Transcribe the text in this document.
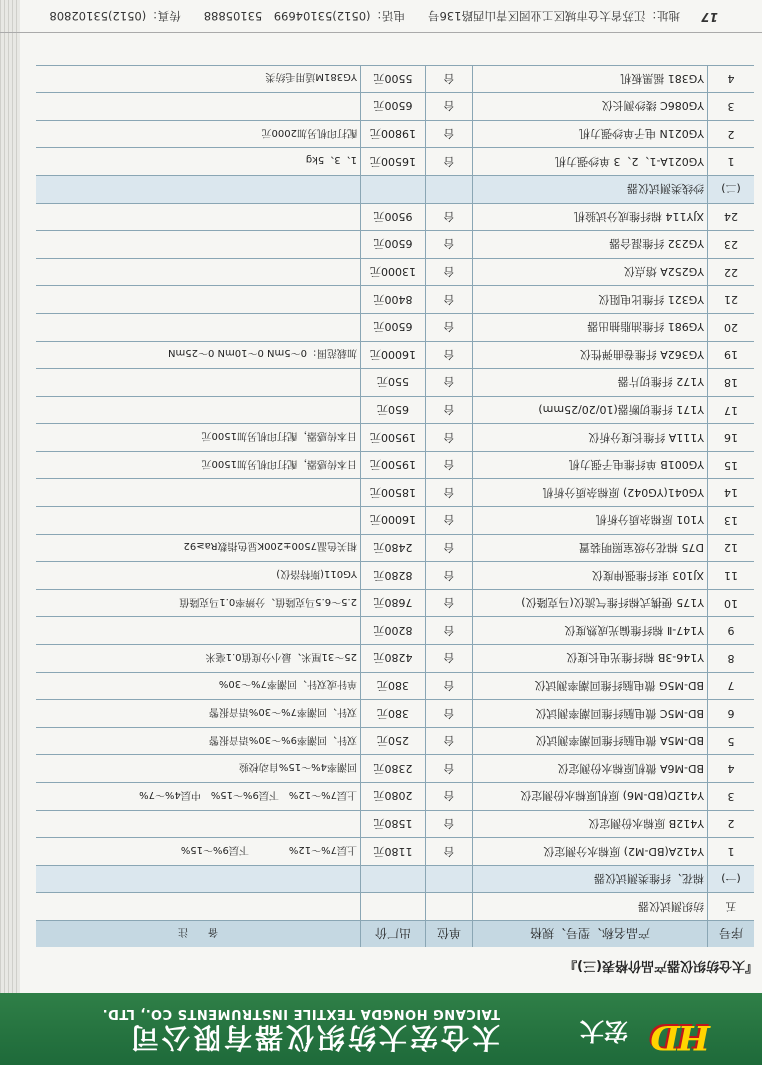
HD
宏大
太仓宏大纺织仪器有限公司
TAICANG HONGDA TEXTILE INSTRUMENTS CO., LTD.
『太仓纺织仪器产品价格表(三)』
序号	产品名称、型号、规格	单位	出厂价	备　　注
五	纺织测试仪器			
(一)	棉花、纤维类测试仪器			
1	Y412A(BD-M2) 原棉水分测定仪	台	1180元	上层7%～12%　　　　下层9%～15%
2	Y412B 原棉水份测定仪	台	1580元	
3	Y412D(BD-M6) 原机原棉水份测定仪	台	2080元	上层7%～12%　下层9%～15%　中层4%～7%
4	BD-M6A 微机原棉水份测定仪	台	2380元	回潮率4%～15%自动校验
5	BD-M5A 微电脑纤维回潮率测试仪	台	250元	双针、回潮率9%～30%语音报警
6	BD-M5C 微电脑纤维回潮率测试仪	台	380元	双针、回潮率7%～30%语音报警
7	BD-M5G 微电脑纤维回潮率测试仪	台	380元	单针或双针、回潮率7%～30%
8	Y146-3B 棉纤维光电长度仪	台	4280元	25～31厘米、最小分度值0.1毫米
9	Y147-Ⅱ 棉纤维偏光成熟度仪	台	8200元	
10	Y175 便携式棉纤维气流仪(马克隆仪)	台	7680元	2.5～6.5马克隆值、分辨率0.1马克隆值
11	XJ103 束纤维强伸度仪	台	8280元	YG011(斯特洛仪)
12	D75 棉花分级室照明装置	台	2480元	相关色温7500±200K显色指数Ra≥92
13	Y101 原棉杂质分析机	台	16000元	
14	YG041(YG042) 原棉杂质分析机	台	18500元	
15	YG001B 单纤维电子强力机	台	19500元	日本传感器，配打印机另加1500元
16	Y111A 纤维长度分析仪	台	19500元	日本传感器，配打印机另加1500元
17	Y171 纤维切断器(10/20/25mm)	台	650元	
18	Y172 纤维切片器	台	550元	
19	YG362A 纤维卷曲弹性仪	台	16000元	加载范围：0～5mN 0～10mN 0～25mN
20	YG981 纤维油脂抽出器	台	6500元	
21	YG321 纤维比电阻仪	台	8400元	
22	YG252A 熔点仪	台	13000元	
23	YG232 纤维混合器	台	6500元	
24	XJY114 棉纤维成分试验机	台	9500元	
(二)	纱线类测试仪器			
1	YG021A-1、2、3 单纱强力机	台	16500元	1、3、5kg
2	YG021N 电子单纱强力机	台	19800元	配打印机另加2000元
3	YG086C 缕纱测长仪	台	6500元	
4	YG381 摇黑板机	台	5500元	YG381M适用毛纺类
17
地址：江苏省太仓市城区工业园区青山西路136号　　电话：(0512)53104699　53105888　　传真：(0512)53102808
